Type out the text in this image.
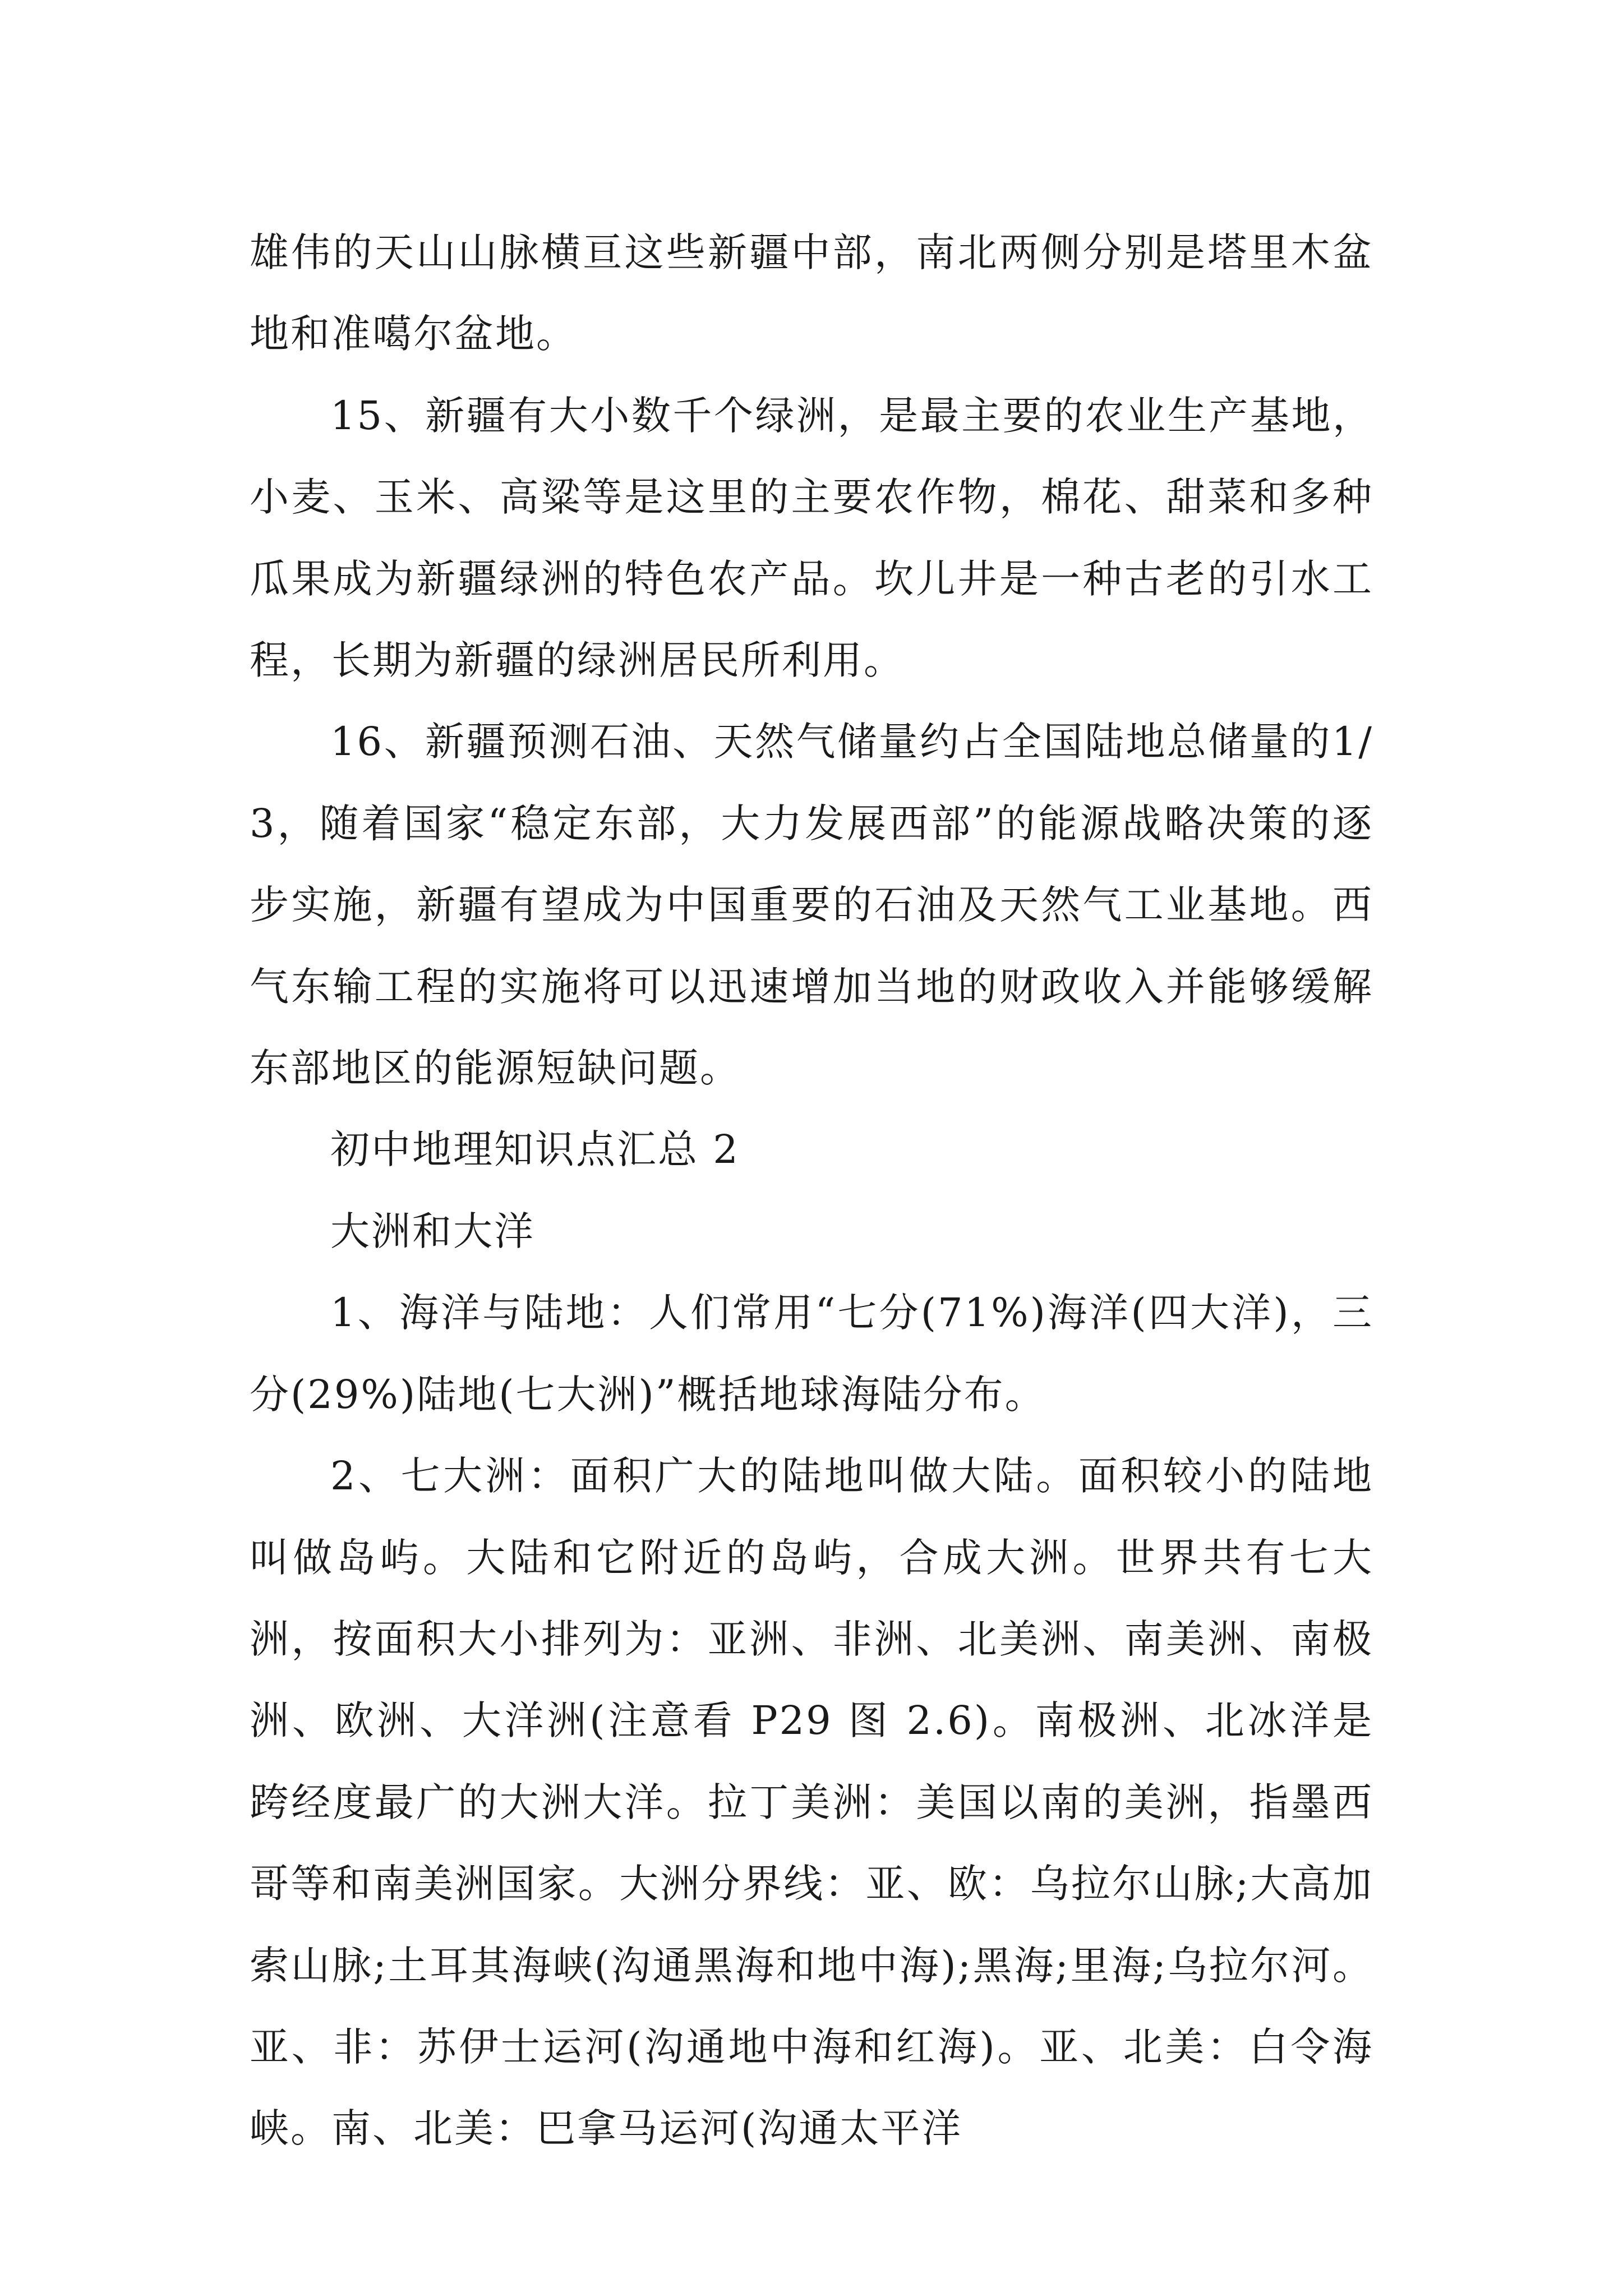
雄伟的天山山脉横亘这些新疆中部，南北两侧分别是塔里木盆地和准噶尔盆地。

15、新疆有大小数千个绿洲，是最主要的农业生产基地，小麦、玉米、高粱等是这里的主要农作物，棉花、甜菜和多种瓜果成为新疆绿洲的特色农产品。坎儿井是一种古老的引水工程，长期为新疆的绿洲居民所利用。

16、新疆预测石油、天然气储量约占全国陆地总储量的1/3，随着国家“稳定东部，大力发展西部”的能源战略决策的逐步实施，新疆有望成为中国重要的石油及天然气工业基地。西气东输工程的实施将可以迅速增加当地的财政收入并能够缓解东部地区的能源短缺问题。

初中地理知识点汇总 2

大洲和大洋

1、海洋与陆地：人们常用“七分(71%)海洋(四大洋)，三分(29%)陆地(七大洲)”概括地球海陆分布。

2、七大洲：面积广大的陆地叫做大陆。面积较小的陆地叫做岛屿。大陆和它附近的岛屿，合成大洲。世界共有七大洲，按面积大小排列为：亚洲、非洲、北美洲、南美洲、南极洲、欧洲、大洋洲(注意看 P29 图 2.6)。南极洲、北冰洋是跨经度最广的大洲大洋。拉丁美洲：美国以南的美洲，指墨西哥等和南美洲国家。大洲分界线：亚、欧：乌拉尔山脉;大高加索山脉;土耳其海峡(沟通黑海和地中海);黑海;里海;乌拉尔河。亚、非：苏伊士运河(沟通地中海和红海)。亚、北美：白令海峡。南、北美：巴拿马运河(沟通太平洋
